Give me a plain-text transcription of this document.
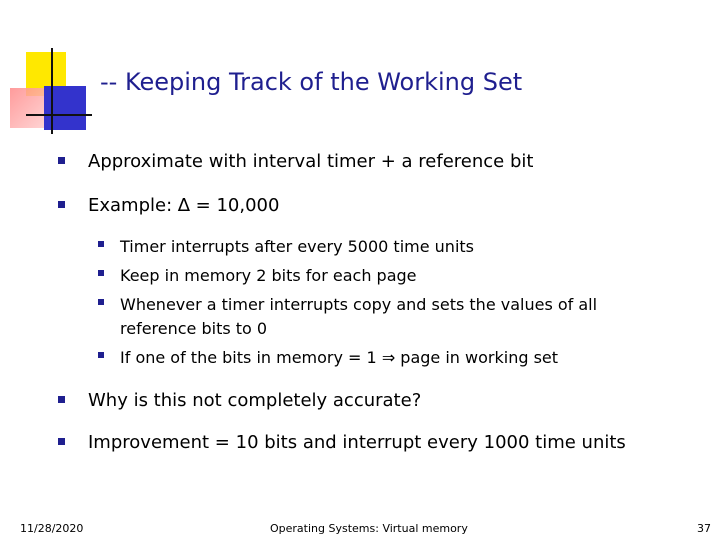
-- Keeping Track of the Working Set
Approximate with interval timer + a reference bit
Example: ∆ = 10,000
Timer interrupts after every 5000 time units
Keep in memory 2 bits for each page
Whenever a timer interrupts copy and sets the values of all reference bits to 0
If one of the bits in memory = 1 ⇒ page in working set
Why is this not completely accurate?
Improvement = 10 bits and interrupt every 1000 time units
11/28/2020	Operating Systems: Virtual memory	37
